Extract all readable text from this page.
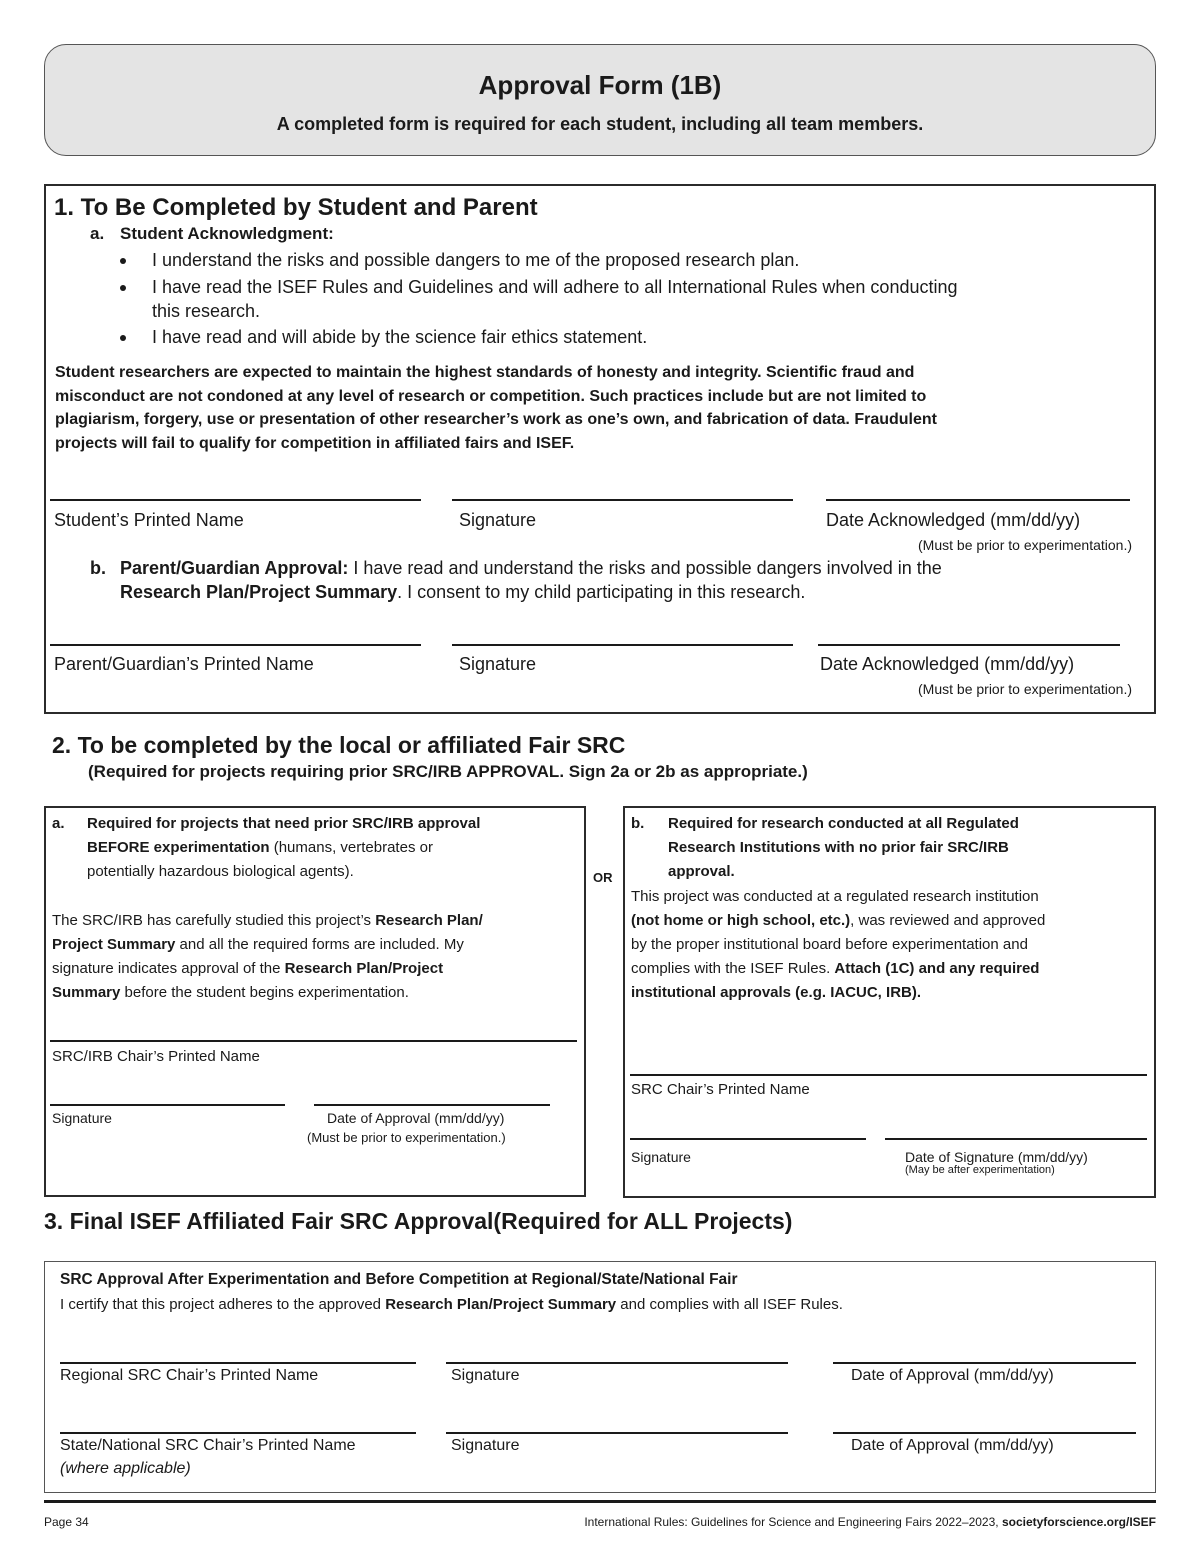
Approval Form (1B)
A completed form is required for each student, including all team members.
1. To Be Completed by Student and Parent
a. Student Acknowledgment:
I understand the risks and possible dangers to me of the proposed research plan.
I have read the ISEF Rules and Guidelines and will adhere to all International Rules when conducting
this research.
I have read and will abide by the science fair ethics statement.
Student researchers are expected to maintain the highest standards of honesty and integrity. Scientific fraud and
misconduct are not condoned at any level of research or competition. Such practices include but are not limited to
plagiarism, forgery, use or presentation of other researcher’s work as one’s own, and fabrication of data. Fraudulent
projects will fail to qualify for competition in affiliated fairs and ISEF.
Student’s Printed Name	Signature	Date Acknowledged (mm/dd/yy)
(Must be prior to experimentation.)
b. Parent/Guardian Approval: I have read and understand the risks and possible dangers involved in the
Research Plan/Project Summary. I consent to my child participating in this research.
Parent/Guardian’s Printed Name	Signature	Date Acknowledged (mm/dd/yy)
(Must be prior to experimentation.)
2. To be completed by the local or affiliated Fair SRC
(Required for projects requiring prior SRC/IRB APPROVAL. Sign 2a or 2b as appropriate.)
a. Required for projects that need prior SRC/IRB approval
BEFORE experimentation (humans, vertebrates or
potentially hazardous biological agents).
The SRC/IRB has carefully studied this project’s Research Plan/
Project Summary and all the required forms are included. My
signature indicates approval of the Research Plan/Project
Summary before the student begins experimentation.
SRC/IRB Chair’s Printed Name
Signature	Date of Approval (mm/dd/yy)
(Must be prior to experimentation.)
OR
b. Required for research conducted at all Regulated
Research Institutions with no prior fair SRC/IRB
approval.
This project was conducted at a regulated research institution
(not home or high school, etc.), was reviewed and approved
by the proper institutional board before experimentation and
complies with the ISEF Rules. Attach (1C) and any required
institutional approvals (e.g. IACUC, IRB).
SRC Chair’s Printed Name
Signature	Date of Signature (mm/dd/yy)
(May be after experimentation)
3. Final ISEF Affiliated Fair SRC Approval(Required for ALL Projects)
SRC Approval After Experimentation and Before Competition at Regional/State/National Fair
I certify that this project adheres to the approved Research Plan/Project Summary and complies with all ISEF Rules.
Regional SRC Chair’s Printed Name	Signature	Date of Approval (mm/dd/yy)
State/National SRC Chair’s Printed Name	Signature	Date of Approval (mm/dd/yy)
(where applicable)
Page 34	International Rules: Guidelines for Science and Engineering Fairs 2022–2023, societyforscience.org/ISEF
